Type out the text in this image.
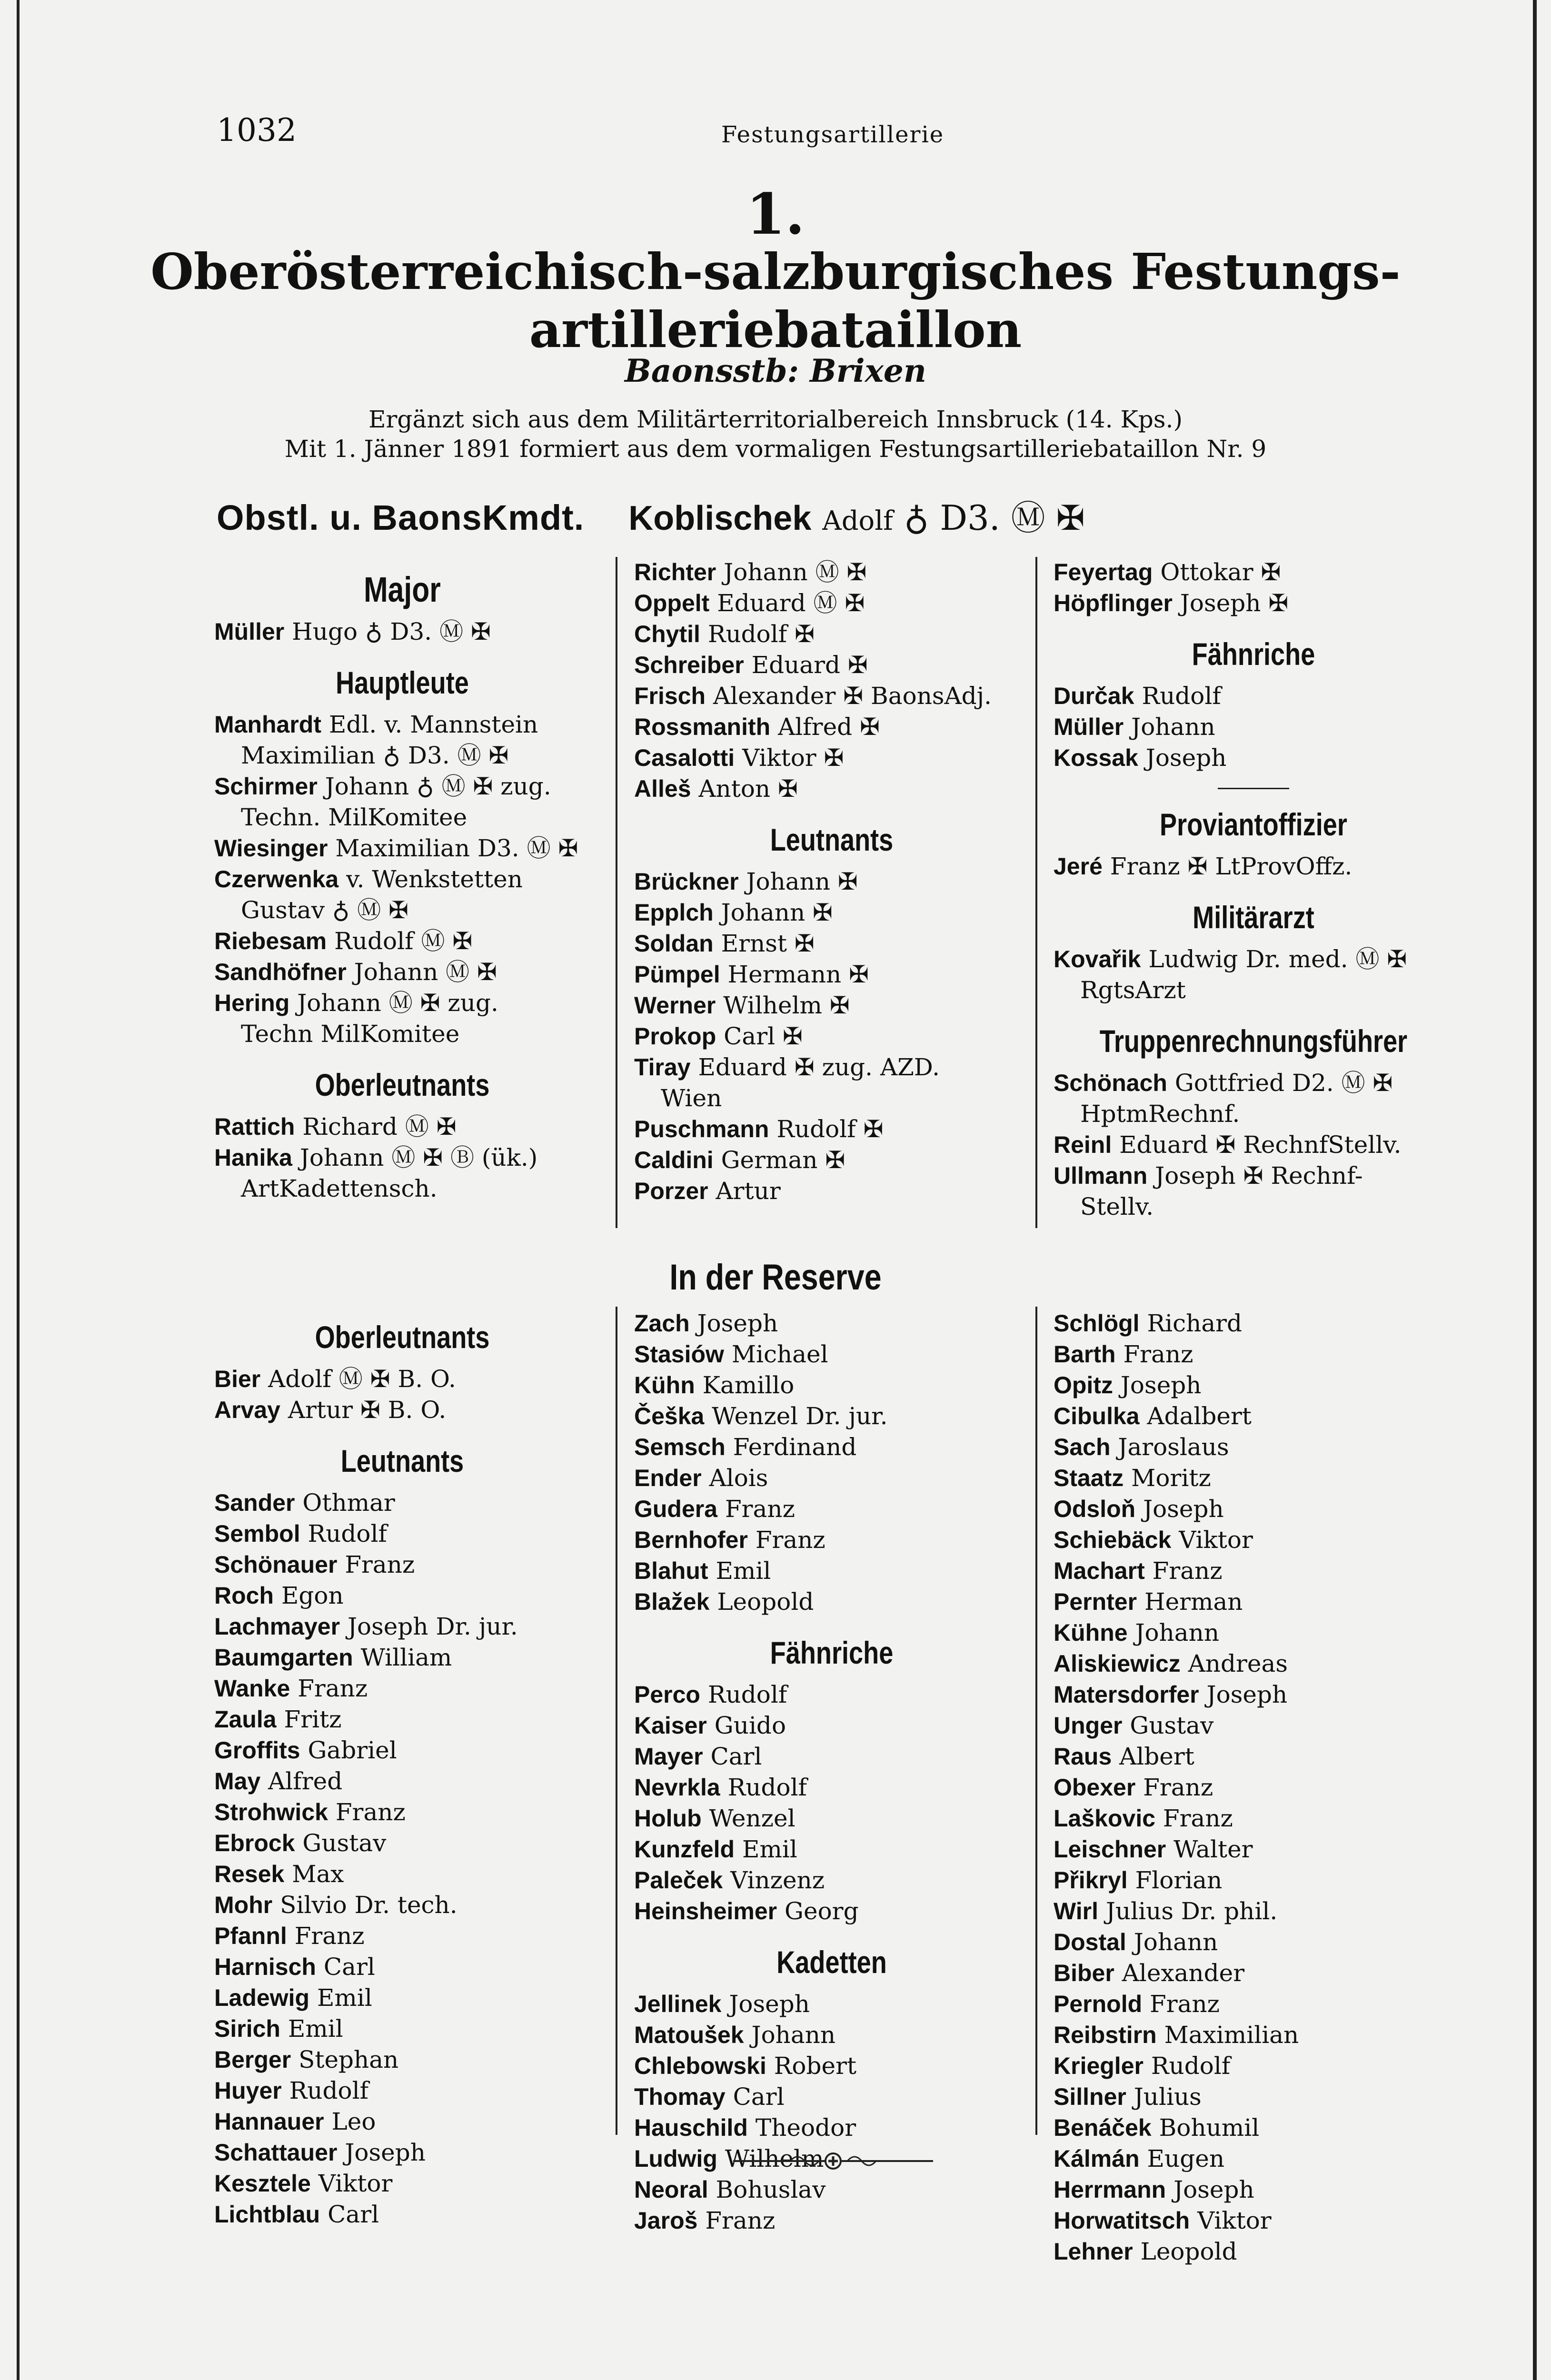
1032	Festungsartillerie
1.
Oberösterreichisch-salzburgisches Festungs-
artilleriebataillon
Baonsstb: Brixen
Ergänzt sich aus dem Militärterritorialbereich Innsbruck (14. Kps.)
Mit 1. Jänner 1891 formiert aus dem vormaligen Festungsartilleriebataillon Nr. 9
Obstl. u. BaonsKmdt. Koblischek Adolf ♁ D3. Ⓜ ✠
Major
Müller Hugo ♁ D3. Ⓜ ✠
Hauptleute
Manhardt Edl. v. Mannstein
Maximilian ♁ D3. Ⓜ ✠
Schirmer Johann ♁ Ⓜ ✠ zug.
Techn. MilKomitee
Wiesinger Maximilian D3. Ⓜ ✠
Czerwenka v. Wenkstetten
Gustav ♁ Ⓜ ✠
Riebesam Rudolf Ⓜ ✠
Sandhöfner Johann Ⓜ ✠
Hering Johann Ⓜ ✠ zug.
Techn MilKomitee
Oberleutnants
Rattich Richard Ⓜ ✠
Hanika Johann Ⓜ ✠ Ⓑ (ük.)
ArtKadettensch.
Richter Johann Ⓜ ✠
Oppelt Eduard Ⓜ ✠
Chytil Rudolf ✠
Schreiber Eduard ✠
Frisch Alexander ✠ BaonsAdj.
Rossmanith Alfred ✠
Casalotti Viktor ✠
Alleš Anton ✠
Leutnants
Brückner Johann ✠
Epplch Johann ✠
Soldan Ernst ✠
Pümpel Hermann ✠
Werner Wilhelm ✠
Prokop Carl ✠
Tiray Eduard ✠ zug. AZD.
Wien
Puschmann Rudolf ✠
Caldini German ✠
Porzer Artur
Feyertag Ottokar ✠
Höpflinger Joseph ✠
Fähnriche
Durčak Rudolf
Müller Johann
Kossak Joseph
Proviantoffizier
Jeré Franz ✠ LtProvOffz.
Militärarzt
Kovařik Ludwig Dr. med. Ⓜ ✠
RgtsArzt
Truppenrechnungsführer
Schönach Gottfried D2. Ⓜ ✠
HptmRechnf.
Reinl Eduard ✠ RechnfStellv.
Ullmann Joseph ✠ Rechnf-
Stellv.
In der Reserve
Oberleutnants
Bier Adolf Ⓜ ✠ B. O.
Arvay Artur ✠ B. O.
Leutnants
Sander Othmar
Sembol Rudolf
Schönauer Franz
Roch Egon
Lachmayer Joseph Dr. jur.
Baumgarten William
Wanke Franz
Zaula Fritz
Groffits Gabriel
May Alfred
Strohwick Franz
Ebrock Gustav
Resek Max
Mohr Silvio Dr. tech.
Pfannl Franz
Harnisch Carl
Ladewig Emil
Sirich Emil
Berger Stephan
Huyer Rudolf
Hannauer Leo
Schattauer Joseph
Kesztele Viktor
Lichtblau Carl
Zach Joseph
Stasiów Michael
Kühn Kamillo
Češka Wenzel Dr. jur.
Semsch Ferdinand
Ender Alois
Gudera Franz
Bernhofer Franz
Blahut Emil
Blažek Leopold
Fähnriche
Perco Rudolf
Kaiser Guido
Mayer Carl
Nevrkla Rudolf
Holub Wenzel
Kunzfeld Emil
Paleček Vinzenz
Heinsheimer Georg
Kadetten
Jellinek Joseph
Matoušek Johann
Chlebowski Robert
Thomay Carl
Hauschild Theodor
Ludwig Wilhelm
Neoral Bohuslav
Jaroš Franz
Schlögl Richard
Barth Franz
Opitz Joseph
Cibulka Adalbert
Sach Jaroslaus
Staatz Moritz
Odsloň Joseph
Schiebäck Viktor
Machart Franz
Pernter Herman
Kühne Johann
Aliskiewicz Andreas
Matersdorfer Joseph
Unger Gustav
Raus Albert
Obexer Franz
Laškovic Franz
Leischner Walter
Přikryl Florian
Wirl Julius Dr. phil.
Dostal Johann
Biber Alexander
Pernold Franz
Reibstirn Maximilian
Kriegler Rudolf
Sillner Julius
Benáček Bohumil
Kálmán Eugen
Herrmann Joseph
Horwatitsch Viktor
Lehner Leopold
